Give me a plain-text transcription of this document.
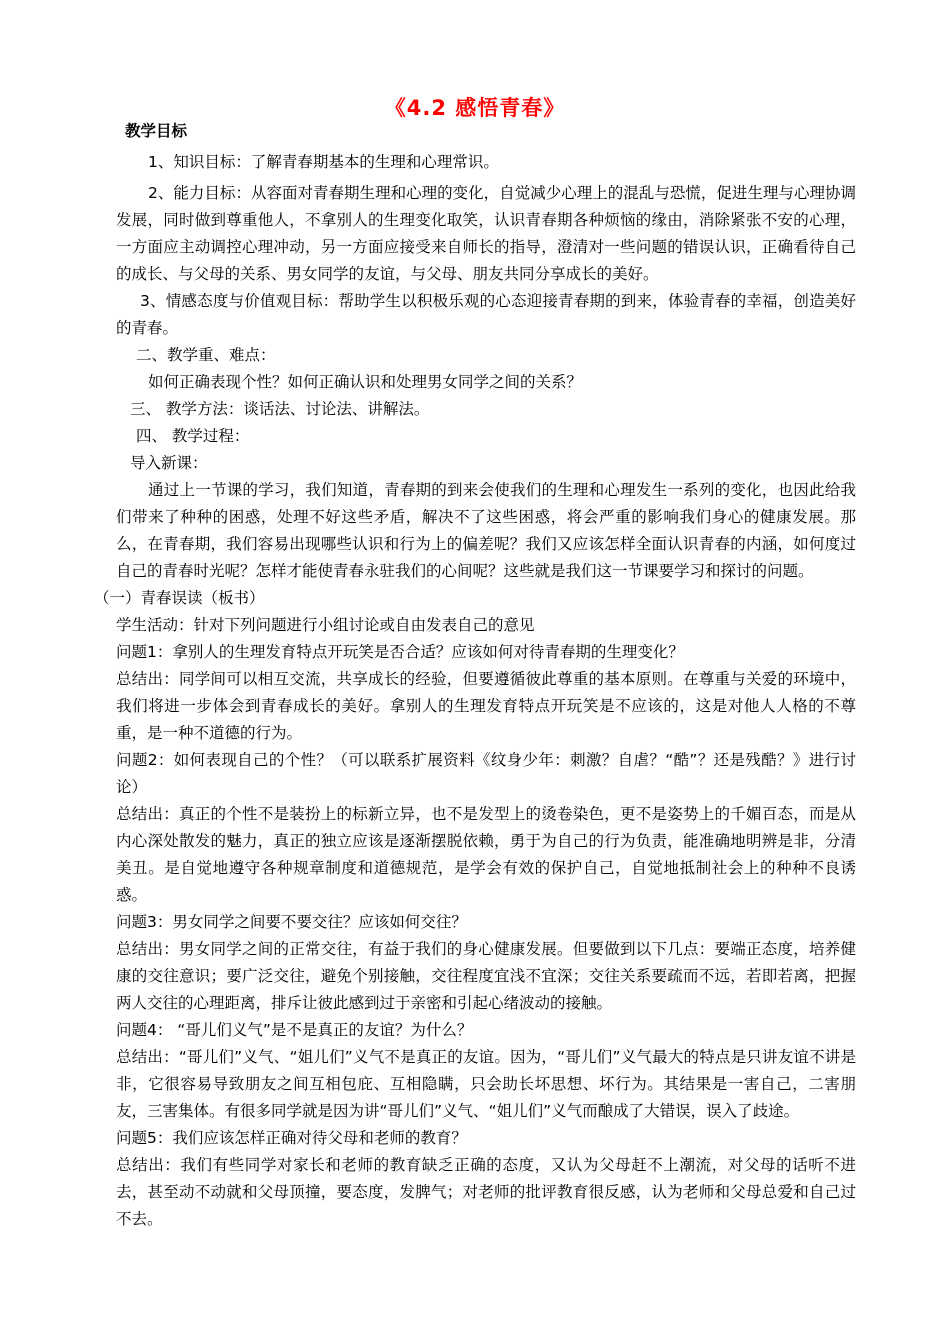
《4.2 感悟青春》

教学目标

1、知识目标：了解青春期基本的生理和心理常识。

2、能力目标：从容面对青春期生理和心理的变化，自觉减少心理上的混乱与恐慌，促进生理与心理协调发展，同时做到尊重他人，不拿别人的生理变化取笑，认识青春期各种烦恼的缘由，消除紧张不安的心理，一方面应主动调控心理冲动，另一方面应接受来自师长的指导，澄清对一些问题的错误认识，正确看待自己的成长、与父母的关系、男女同学的友谊，与父母、朋友共同分享成长的美好。

3、情感态度与价值观目标：帮助学生以积极乐观的心态迎接青春期的到来，体验青春的幸福，创造美好的青春。

二、教学重、难点：

如何正确表现个性？如何正确认识和处理男女同学之间的关系？

三、 教学方法：谈话法、讨论法、讲解法。

四、 教学过程：

导入新课：

通过上一节课的学习，我们知道，青春期的到来会使我们的生理和心理发生一系列的变化，也因此给我们带来了种种的困惑，处理不好这些矛盾，解决不了这些困惑，将会严重的影响我们身心的健康发展。那么，在青春期，我们容易出现哪些认识和行为上的偏差呢？我们又应该怎样全面认识青春的内涵，如何度过自己的青春时光呢？怎样才能使青春永驻我们的心间呢？这些就是我们这一节课要学习和探讨的问题。

（一）青春误读（板书）

学生活动：针对下列问题进行小组讨论或自由发表自己的意见

问题1：拿别人的生理发育特点开玩笑是否合适？应该如何对待青春期的生理变化？

总结出：同学间可以相互交流，共享成长的经验，但要遵循彼此尊重的基本原则。在尊重与关爱的环境中，我们将进一步体会到青春成长的美好。拿别人的生理发育特点开玩笑是不应该的，这是对他人人格的不尊重，是一种不道德的行为。

问题2：如何表现自己的个性？（可以联系扩展资料《纹身少年：刺激？自虐？“酷”？还是残酷？》进行讨论）

总结出：真正的个性不是装扮上的标新立异，也不是发型上的烫卷染色，更不是姿势上的千媚百态，而是从内心深处散发的魅力，真正的独立应该是逐渐摆脱依赖，勇于为自己的行为负责，能准确地明辨是非，分清美丑。是自觉地遵守各种规章制度和道德规范，是学会有效的保护自己，自觉地抵制社会上的种种不良诱惑。

问题3：男女同学之间要不要交往？应该如何交往？

总结出：男女同学之间的正常交往，有益于我们的身心健康发展。但要做到以下几点：要端正态度，培养健康的交往意识；要广泛交往，避免个别接触，交往程度宜浅不宜深；交往关系要疏而不远，若即若离，把握两人交往的心理距离，排斥让彼此感到过于亲密和引起心绪波动的接触。

问题4： “哥儿们义气”是不是真正的友谊？为什么？

总结出：“哥儿们”义气、“姐儿们”义气不是真正的友谊。因为，“哥儿们”义气最大的特点是只讲友谊不讲是非，它很容易导致朋友之间互相包庇、互相隐瞒，只会助长坏思想、坏行为。其结果是一害自己，二害朋友，三害集体。有很多同学就是因为讲“哥儿们”义气、“姐儿们”义气而酿成了大错误，误入了歧途。

问题5：我们应该怎样正确对待父母和老师的教育？

总结出：我们有些同学对家长和老师的教育缺乏正确的态度，又认为父母赶不上潮流，对父母的话听不进去，甚至动不动就和父母顶撞，要态度，发脾气；对老师的批评教育很反感，认为老师和父母总爱和自己过不去。
